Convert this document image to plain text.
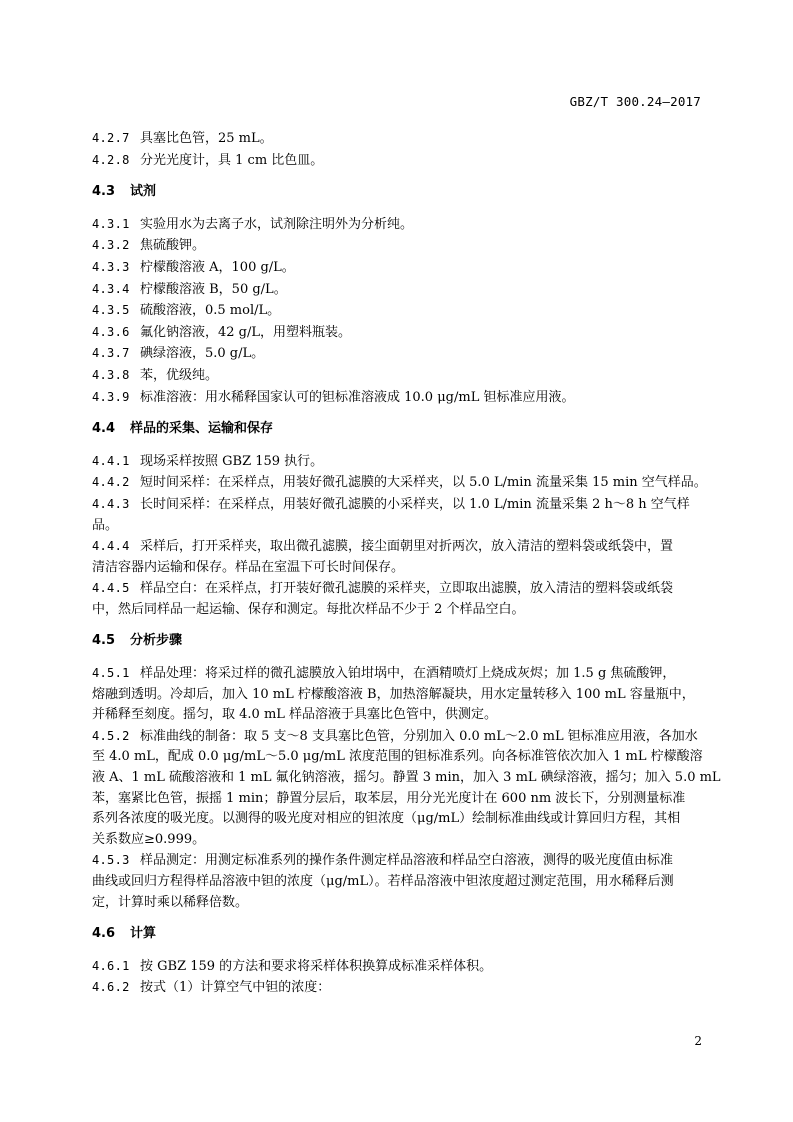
GBZ/T 300.24—2017
4.2.7 具塞比色管，25 mL。
4.2.8 分光光度计，具 1 cm 比色皿。
4.3 试剂
4.3.1 实验用水为去离子水，试剂除注明外为分析纯。
4.3.2 焦硫酸钾。
4.3.3 柠檬酸溶液 A，100 g/L。
4.3.4 柠檬酸溶液 B，50 g/L。
4.3.5 硫酸溶液，0.5 mol/L。
4.3.6 氟化钠溶液，42 g/L，用塑料瓶装。
4.3.7 碘绿溶液，5.0 g/L。
4.3.8 苯，优级纯。
4.3.9 标准溶液：用水稀释国家认可的钽标准溶液成 10.0 μg/mL 钽标准应用液。
4.4 样品的采集、运输和保存
4.4.1 现场采样按照 GBZ 159 执行。
4.4.2 短时间采样：在采样点，用装好微孔滤膜的大采样夹，以 5.0 L/min 流量采集 15 min 空气样品。
4.4.3 长时间采样：在采样点，用装好微孔滤膜的小采样夹，以 1.0 L/min 流量采集 2 h～8 h 空气样
品。
4.4.4 采样后，打开采样夹，取出微孔滤膜，接尘面朝里对折两次，放入清洁的塑料袋或纸袋中，置
清洁容器内运输和保存。样品在室温下可长时间保存。
4.4.5 样品空白：在采样点，打开装好微孔滤膜的采样夹，立即取出滤膜，放入清洁的塑料袋或纸袋
中，然后同样品一起运输、保存和测定。每批次样品不少于 2 个样品空白。
4.5 分析步骤
4.5.1 样品处理：将采过样的微孔滤膜放入铂坩埚中，在酒精喷灯上烧成灰烬；加 1.5 g 焦硫酸钾，
熔融到透明。冷却后，加入 10 mL 柠檬酸溶液 B，加热溶解凝块，用水定量转移入 100 mL 容量瓶中，
并稀释至刻度。摇匀，取 4.0 mL 样品溶液于具塞比色管中，供测定。
4.5.2 标准曲线的制备：取 5 支～8 支具塞比色管，分别加入 0.0 mL～2.0 mL 钽标准应用液，各加水
至 4.0 mL，配成 0.0 μg/mL～5.0 μg/mL 浓度范围的钽标准系列。向各标准管依次加入 1 mL 柠檬酸溶
液 A、1 mL 硫酸溶液和 1 mL 氟化钠溶液，摇匀。静置 3 min，加入 3 mL 碘绿溶液，摇匀；加入 5.0 mL
苯，塞紧比色管，振摇 1 min；静置分层后，取苯层，用分光光度计在 600 nm 波长下，分别测量标准
系列各浓度的吸光度。以测得的吸光度对相应的钽浓度（μg/mL）绘制标准曲线或计算回归方程，其相
关系数应≥0.999。
4.5.3 样品测定：用测定标准系列的操作条件测定样品溶液和样品空白溶液，测得的吸光度值由标准
曲线或回归方程得样品溶液中钽的浓度（μg/mL）。若样品溶液中钽浓度超过测定范围，用水稀释后测
定，计算时乘以稀释倍数。
4.6 计算
4.6.1 按 GBZ 159 的方法和要求将采样体积换算成标准采样体积。
4.6.2 按式（1）计算空气中钽的浓度：
2
